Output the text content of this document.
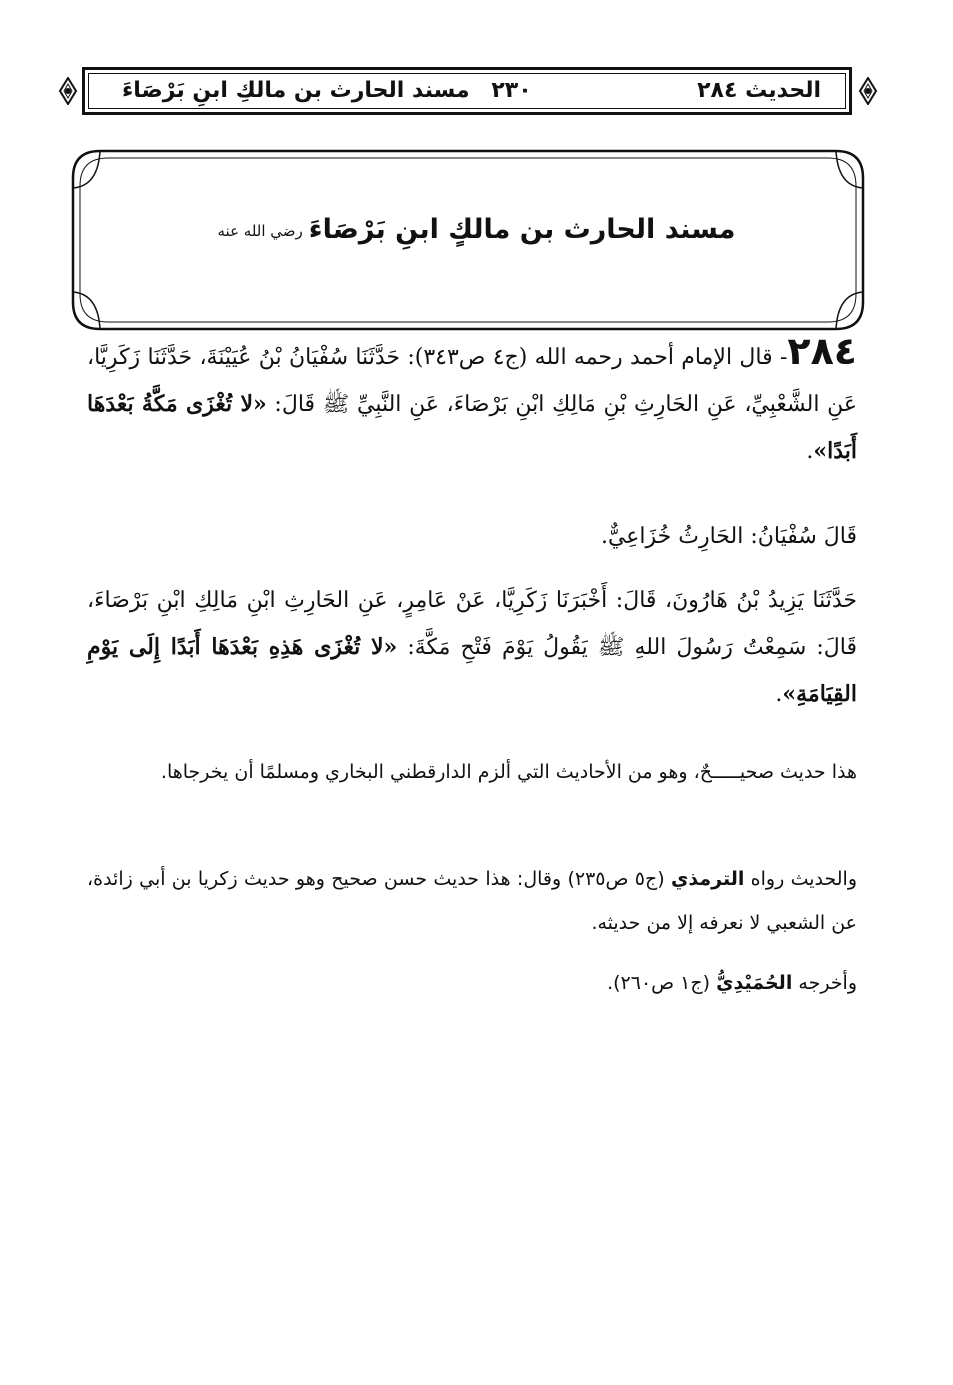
الحديث ٢٨٤
٢٣٠ مسند الحارث بن مالكِ ابنِ بَرْصَاءَ
مسند الحارث بن مالكٍ ابنِ بَرْصَاءَرضي الله عنه

٢٨٤- قال الإمام أحمد رحمه الله (ج٤ ص٣٤٣): حَدَّثَنَا سُفْيَانُ بْنُ عُيَيْنَةَ، حَدَّثَنَا زَكَرِيَّا، عَنِ الشَّعْبِيِّ، عَنِ الحَارِثِ بْنِ مَالِكِ ابْنِ بَرْصَاءَ، عَنِ النَّبِيِّ ﷺ قَالَ: «لا تُغْزَى مَكَّةُ بَعْدَهَا أَبَدًا».

قَالَ سُفْيَانُ: الحَارِثُ خُزَاعِيٌّ.

حَدَّثَنَا يَزِيدُ بْنُ هَارُونَ، قَالَ: أَخْبَرَنَا زَكَرِيَّا، عَنْ عَامِرٍ، عَنِ الحَارِثِ ابْنِ مَالِكِ ابْنِ بَرْصَاءَ، قَالَ: سَمِعْتُ رَسُولَ اللهِ ﷺ يَقُولُ يَوْمَ فَتْحِ مَكَّةَ: «لا تُغْزَى هَذِهِ بَعْدَهَا أَبَدًا إِلَى يَوْمِ القِيَامَةِ».

هذا حديث صحيـــــحٌ، وهو من الأحاديث التي ألزم الدارقطني البخاري ومسلمًا أن يخرجاها.

والحديث رواه الترمذي (ج٥ ص٢٣٥) وقال: هذا حديث حسن صحيح وهو حديث زكريا بن أبي زائدة، عن الشعبي لا نعرفه إلا من حديثه.

وأخرجه الحُمَيْدِيُّ (ج١ ص٢٦٠).
